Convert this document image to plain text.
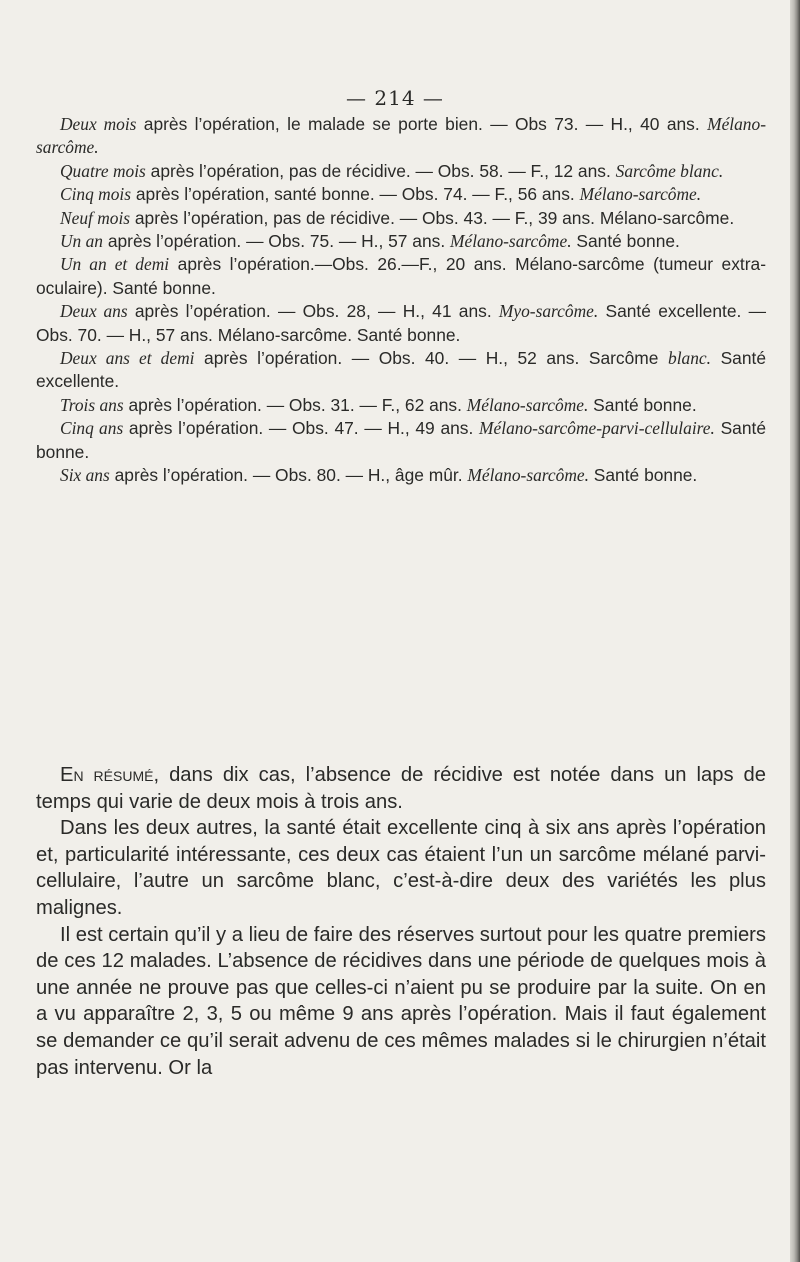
— 214 —

Deux mois après l’opération, le malade se porte bien. — Obs 73. — H., 40 ans. Mélano-sarcôme.

Quatre mois après l’opération, pas de récidive. — Obs. 58. — F., 12 ans. Sarcôme blanc.

Cinq mois après l’opération, santé bonne. — Obs. 74. — F., 56 ans. Mélano-sarcôme.

Neuf mois après l’opération, pas de récidive. — Obs. 43. — F., 39 ans. Mélano-sarcôme.

Un an après l’opération. — Obs. 75. — H., 57 ans. Mélano-sarcôme. Santé bonne.

Un an et demi après l’opération.—Obs. 26.—F., 20 ans. Mélano-sarcôme (tumeur extra-oculaire). Santé bonne.

Deux ans après l’opération. — Obs. 28, — H., 41 ans. Myo-sarcôme. Santé excellente. — Obs. 70. — H., 57 ans. Mélano-sarcôme. Santé bonne.

Deux ans et demi après l’opération. — Obs. 40. — H., 52 ans. Sarcôme blanc. Santé excellente.

Trois ans après l’opération. — Obs. 31. — F., 62 ans. Mélano-sarcôme. Santé bonne.

Cinq ans après l’opération. — Obs. 47. — H., 49 ans. Mélano-sarcôme-parvi-cellulaire. Santé bonne.

Six ans après l’opération. — Obs. 80. — H., âge mûr. Mélano-sarcôme. Santé bonne.

En résumé, dans dix cas, l’absence de récidive est notée dans un laps de temps qui varie de deux mois à trois ans.

Dans les deux autres, la santé était excellente cinq à six ans après l’opération et, particularité intéressante, ces deux cas étaient l’un un sarcôme mélané parvi-cellulaire, l’autre un sarcôme blanc, c’est-à-dire deux des variétés les plus malignes.

Il est certain qu’il y a lieu de faire des réserves surtout pour les quatre premiers de ces 12 malades. L’absence de récidives dans une période de quelques mois à une année ne prouve pas que celles-ci n’aient pu se produire par la suite. On en a vu apparaître 2, 3, 5 ou même 9 ans après l’opération. Mais il faut également se demander ce qu’il serait advenu de ces mêmes malades si le chirurgien n’était pas intervenu. Or la
